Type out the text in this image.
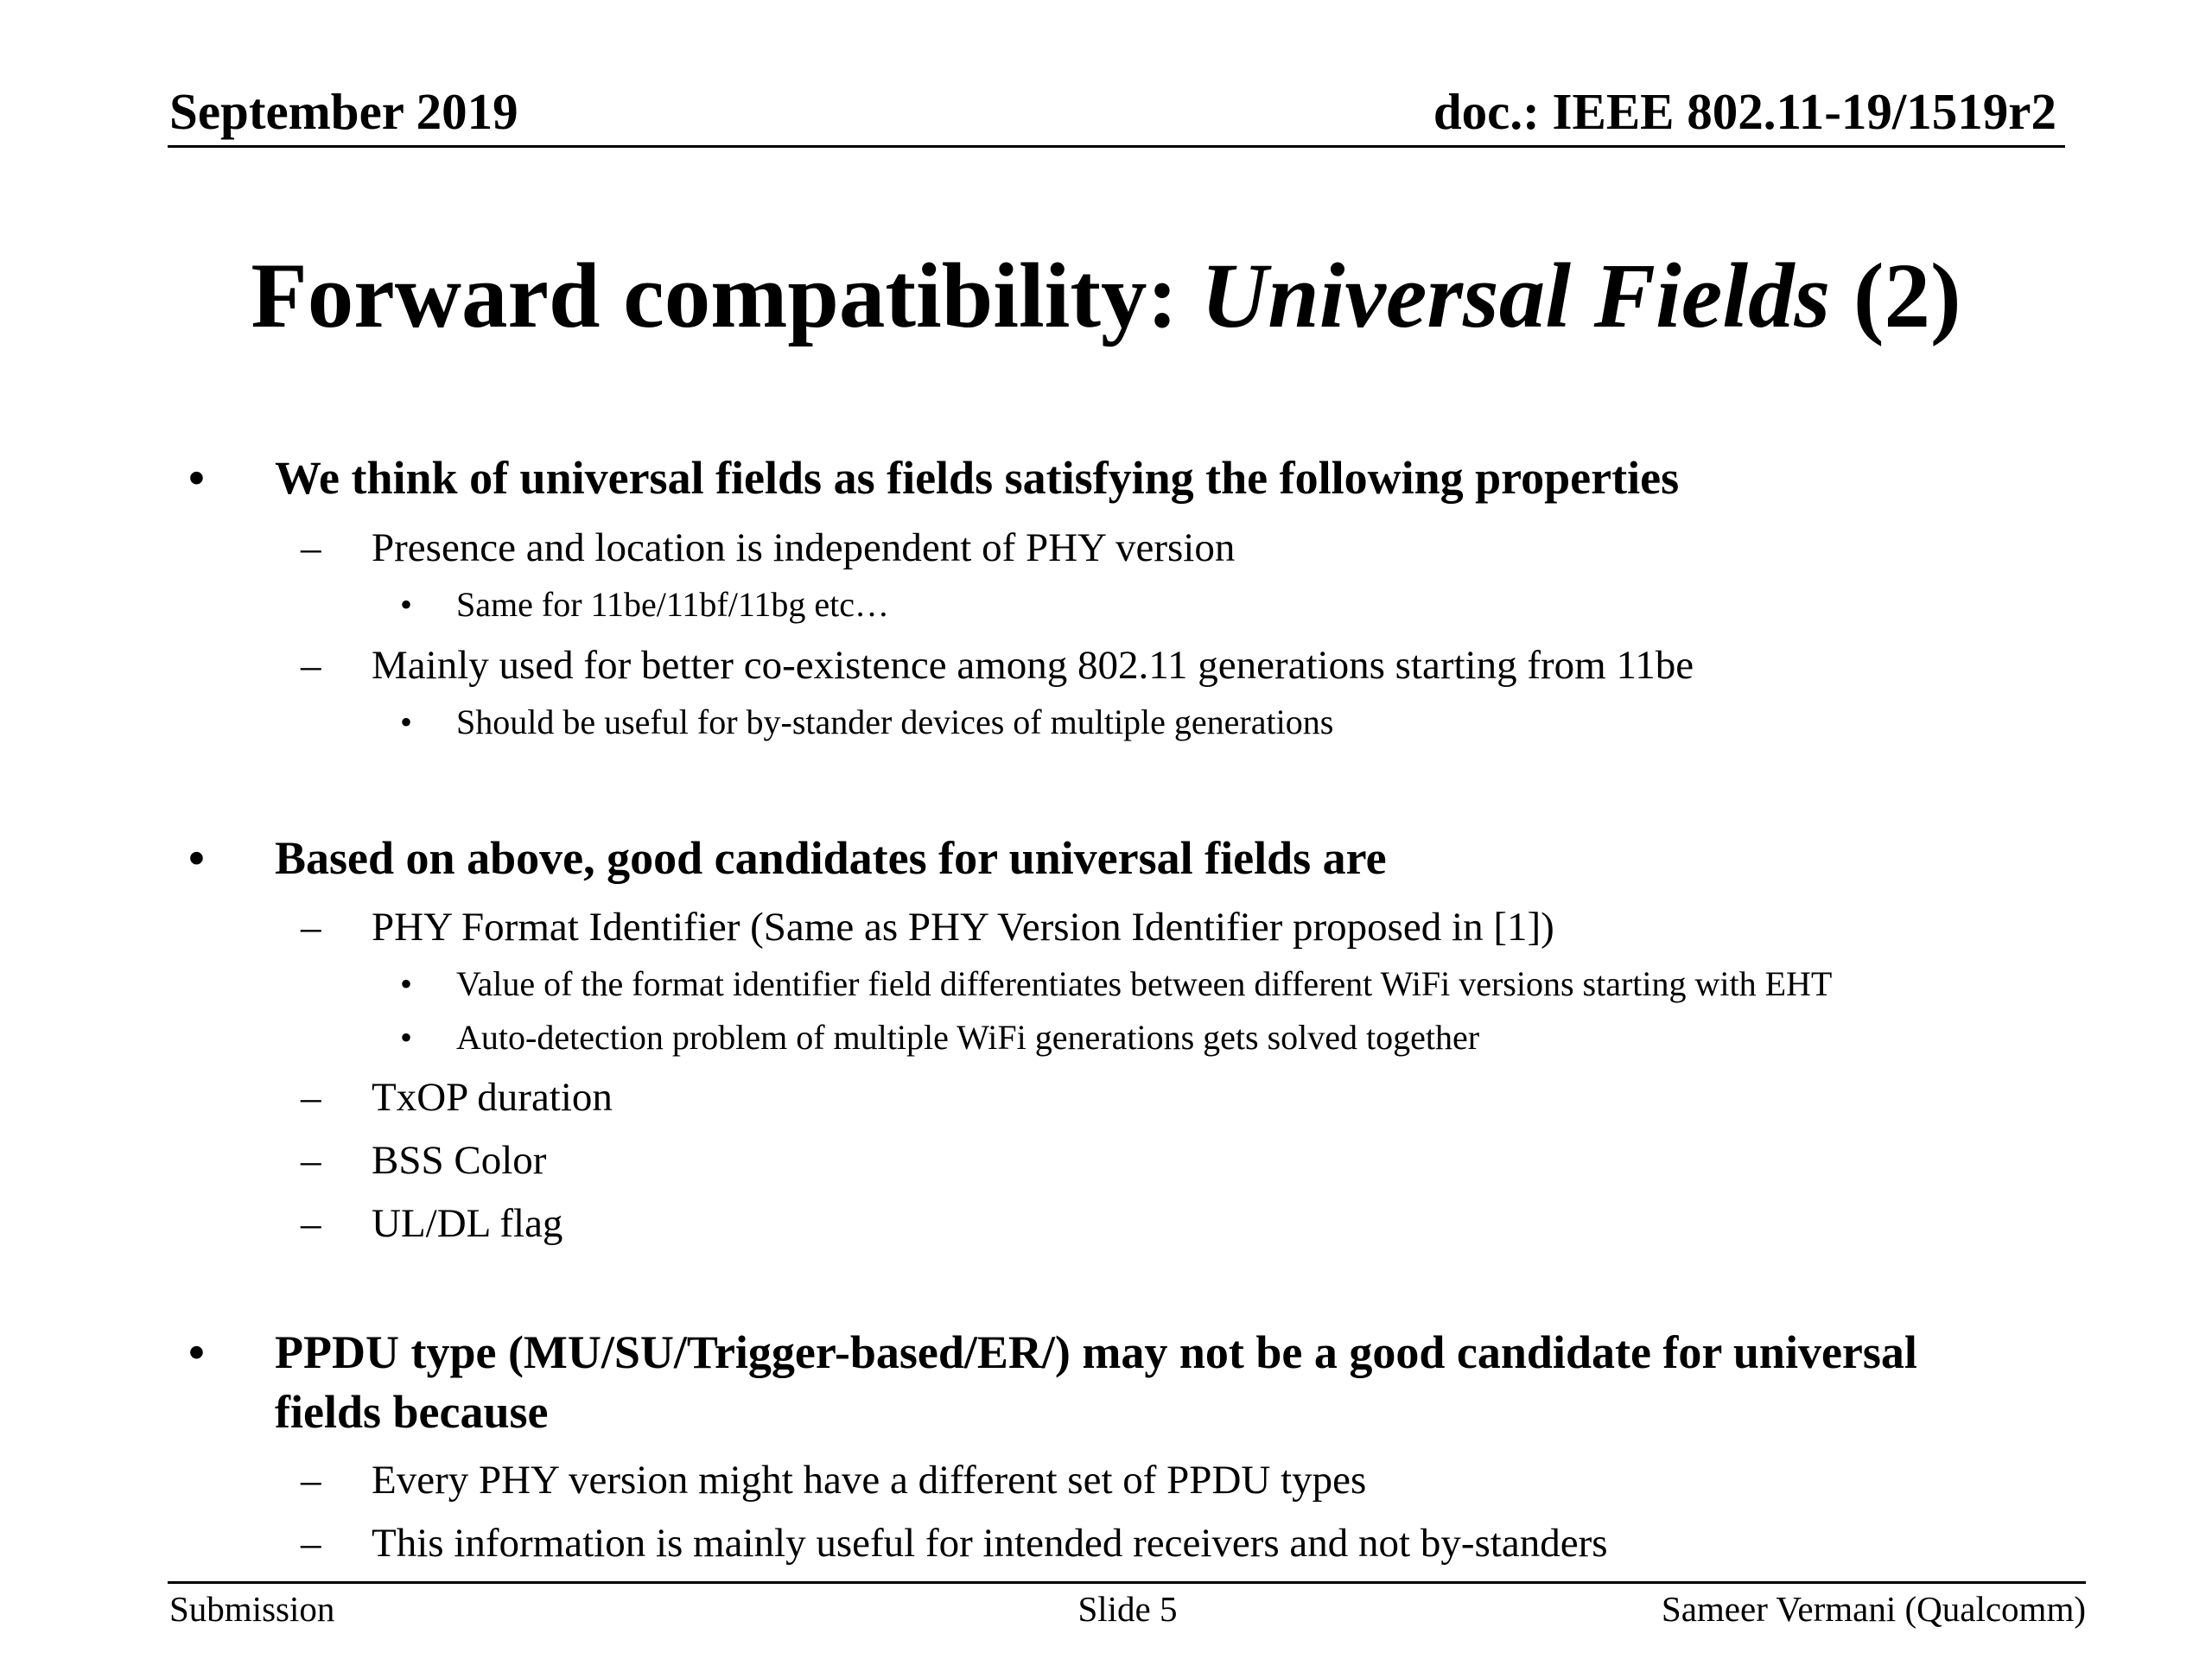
September 2019	doc.: IEEE 802.11-19/1519r2
Forward compatibility: Universal Fields (2)
• We think of universal fields as fields satisfying the following properties
– Presence and location is independent of PHY version
• Same for 11be/11bf/11bg etc…
– Mainly used for better co-existence among 802.11 generations starting from 11be
• Should be useful for by-stander devices of multiple generations
• Based on above, good candidates for universal fields are
– PHY Format Identifier (Same as PHY Version Identifier proposed in [1])
• Value of the format identifier field differentiates between different WiFi versions starting with EHT
• Auto-detection problem of multiple WiFi generations gets solved together
– TxOP duration
– BSS Color
– UL/DL flag
• PPDU type (MU/SU/Trigger-based/ER/) may not be a good candidate for universal
fields because
– Every PHY version might have a different set of PPDU types
– This information is mainly useful for intended receivers and not by-standers
Submission	Slide 5	Sameer Vermani (Qualcomm)
